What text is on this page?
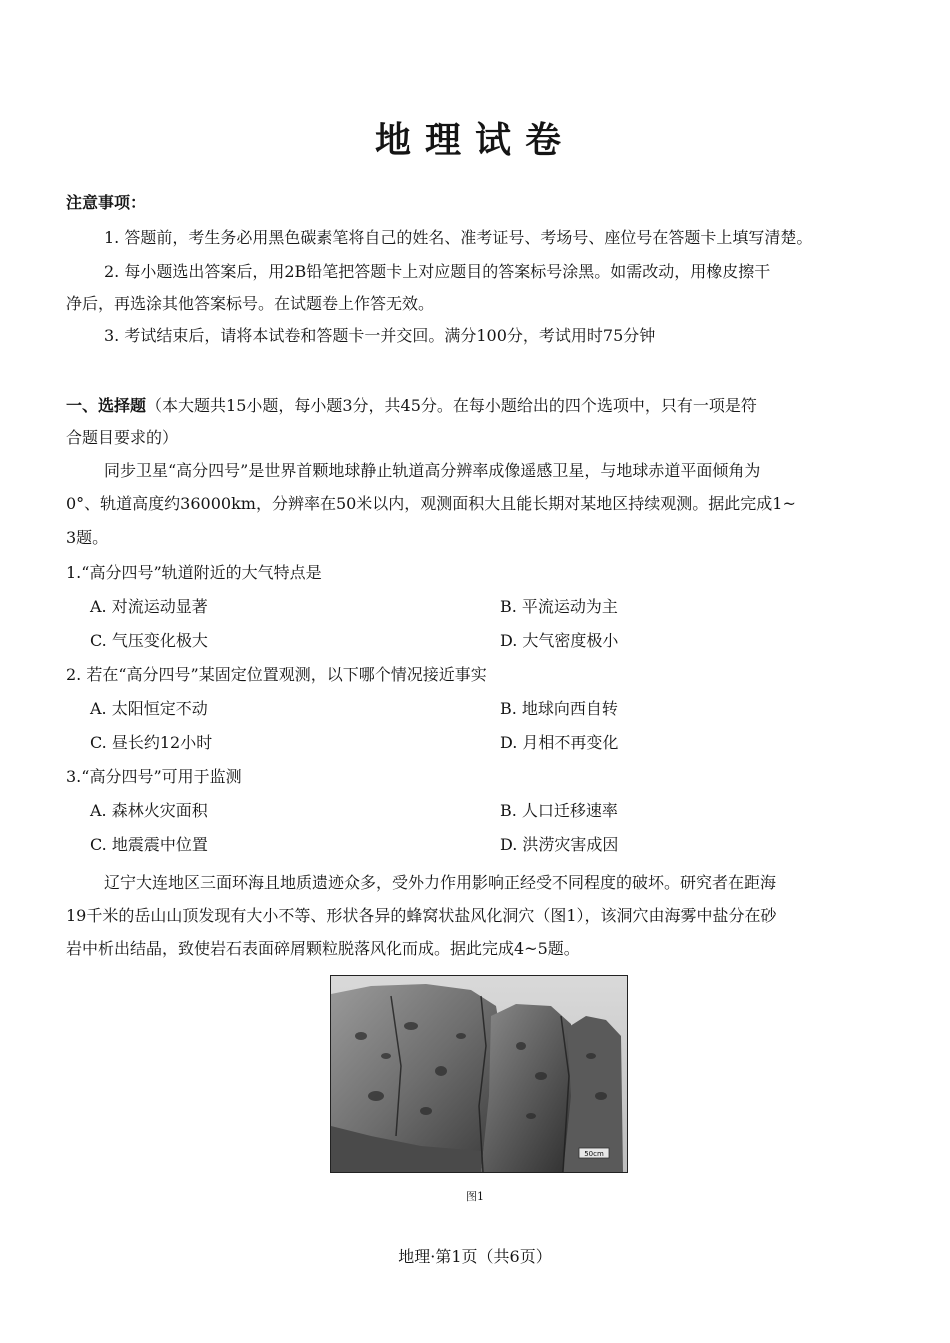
地理试卷
注意事项：
1. 答题前，考生务必用黑色碳素笔将自己的姓名、准考证号、考场号、座位号在答题卡上填写清楚。
2. 每小题选出答案后，用2B铅笔把答题卡上对应题目的答案标号涂黑。如需改动，用橡皮擦干
净后，再选涂其他答案标号。在试题卷上作答无效。
3. 考试结束后，请将本试卷和答题卡一并交回。满分100分，考试用时75分钟
一、选择题（本大题共15小题，每小题3分，共45分。在每小题给出的四个选项中，只有一项是符
合题目要求的）
同步卫星“高分四号”是世界首颗地球静止轨道高分辨率成像遥感卫星，与地球赤道平面倾角为
0°、轨道高度约36000km，分辨率在50米以内，观测面积大且能长期对某地区持续观测。据此完成1~
3题。
1.“高分四号”轨道附近的大气特点是
A. 对流运动显著	B. 平流运动为主
C. 气压变化极大	D. 大气密度极小
2. 若在“高分四号”某固定位置观测，以下哪个情况接近事实
A. 太阳恒定不动	B. 地球向西自转
C. 昼长约12小时	D. 月相不再变化
3.“高分四号”可用于监测
A. 森林火灾面积	B. 人口迁移速率
C. 地震震中位置	D. 洪涝灾害成因
辽宁大连地区三面环海且地质遗迹众多，受外力作用影响正经受不同程度的破坏。研究者在距海
19千米的岳山山顶发现有大小不等、形状各异的蜂窝状盐风化洞穴（图1），该洞穴由海雾中盐分在砂
岩中析出结晶，致使岩石表面碎屑颗粒脱落风化而成。据此完成4~5题。
50cm
图1
地理·第1页（共6页）
